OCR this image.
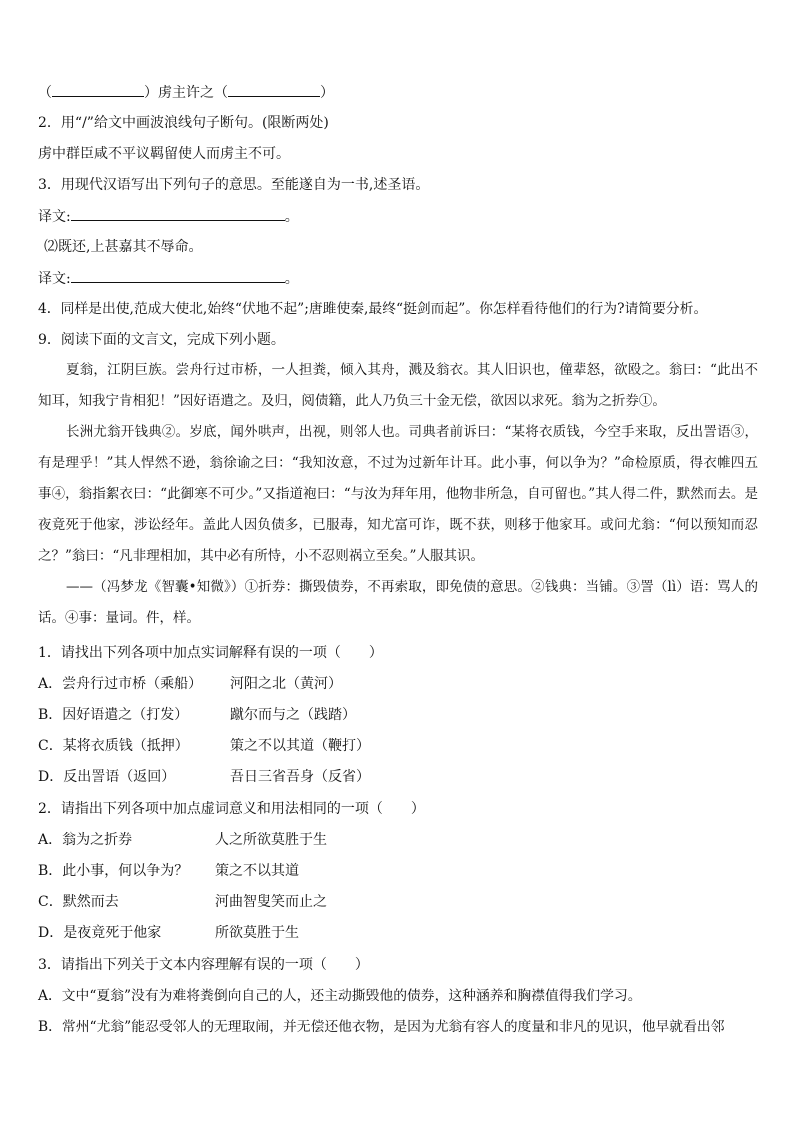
（	）虏主许之（	）
2．用“/”给文中画波浪线句子断句。(限断两处)
虏中群臣咸不平议羁留使人而虏主不可。
3．用现代汉语写出下列句子的意思。至能遂自为一书,述圣语。
译文:	。
⑵既还,上甚嘉其不辱命。
译文:	。
4．同样是出使,范成大使北,始终“伏地不起”;唐雎使秦,最终“挺剑而起”。你怎样看待他们的行为?请简要分析。
9．阅读下面的文言文，完成下列小题。
夏翁，江阴巨族。尝舟行过市桥，一人担粪，倾入其舟，溅及翁衣。其人旧识也，僮辈怒，欲殴之。翁曰：“此出不知耳，知我宁肯相犯！”因好语遣之。及归，阅债籍，此人乃负三十金无偿，欲因以求死。翁为之折券①。
长洲尤翁开钱典②。岁底，闻外哄声，出视，则邻人也。司典者前诉曰：“某将衣质钱，今空手来取，反出詈语③，有是理乎！”其人悍然不逊，翁徐谕之曰：“我知汝意，不过为过新年计耳。此小事，何以争为？”命检原质，得衣帷四五事④，翁指絮衣曰：“此御寒不可少。”又指道袍曰：“与汝为拜年用，他物非所急，自可留也。”其人得二件，默然而去。是夜竟死于他家，涉讼经年。盖此人因负债多，已服毒，知尤富可诈，既不获，则移于他家耳。或问尤翁：“何以预知而忍之？”翁曰：“凡非理相加，其中必有所恃，小不忍则祸立至矣。”人服其识。
——（冯梦龙《智囊•知微》）①折券：撕毁债券，不再索取，即免债的意思。②钱典：当铺。③詈（lì）语：骂人的话。④事：量词。件，样。
1．请找出下列各项中加点实词解释有误的一项（　　）
A．尝舟行过市桥（乘船） 河阳之北（黄河）
B．因好语遣之（打发）	蹴尔而与之（践踏）
C．某将衣质钱（抵押）	策之不以其道（鞭打）
D．反出詈语（返回）	吾日三省吾身（反省）
2．请指出下列各项中加点虚词意义和用法相同的一项（　　）
A．翁为之折券	人之所欲莫胜于生
B．此小事，何以争为？ 策之不以其道
C．默然而去	河曲智叟笑而止之
D．是夜竟死于他家	所欲莫胜于生
3．请指出下列关于文本内容理解有误的一项（　　）
A．文中“夏翁”没有为难将粪倒向自己的人，还主动撕毁他的债券，这种涵养和胸襟值得我们学习。
B．常州“尤翁”能忍受邻人的无理取闹，并无偿还他衣物，是因为尤翁有容人的度量和非凡的见识，他早就看出邻
